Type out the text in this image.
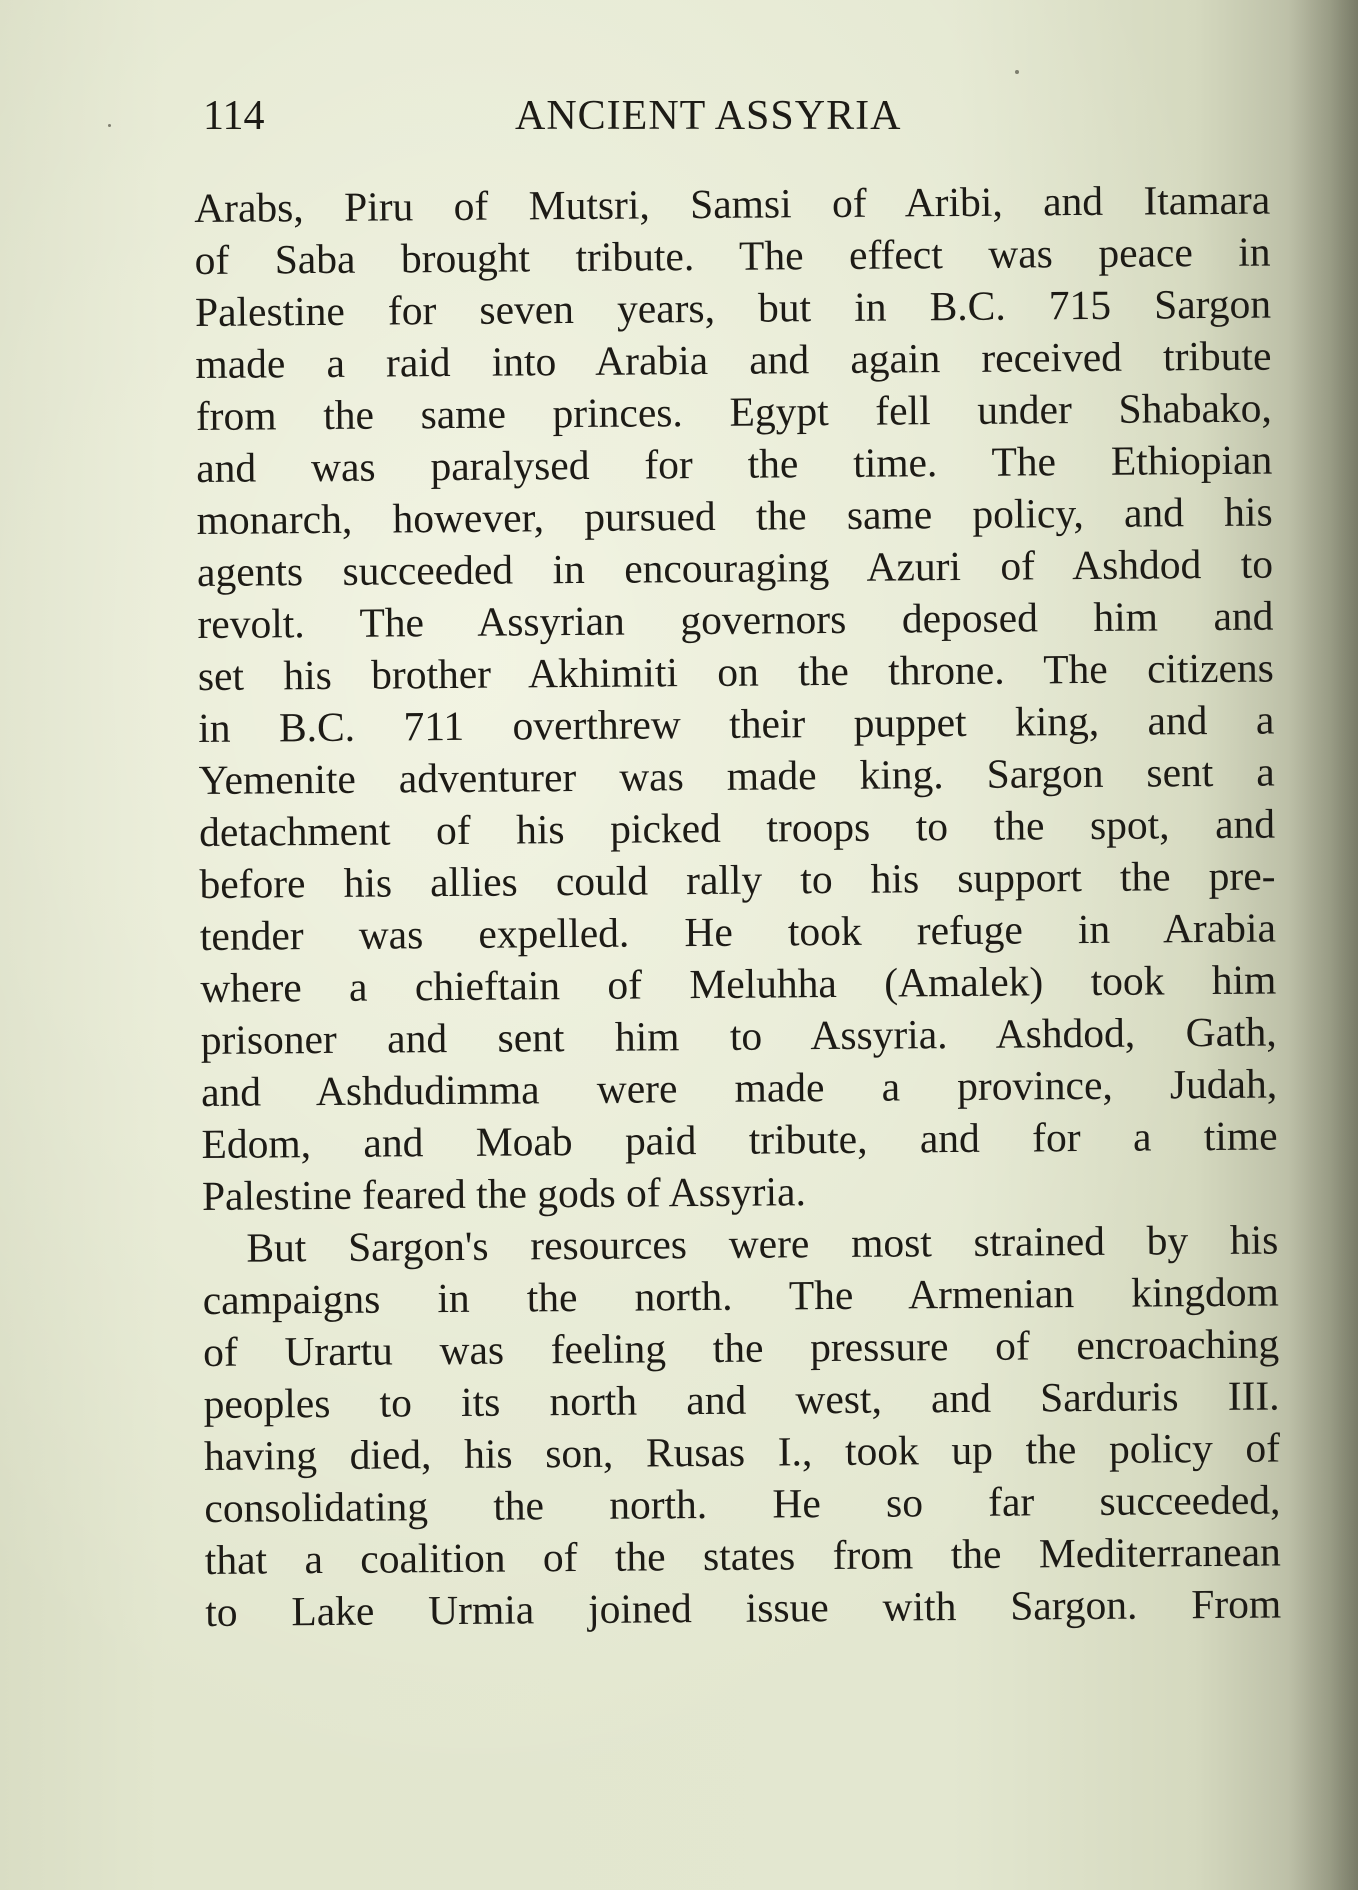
114	ANCIENT ASSYRIA
Arabs, Piru of Mutsri, Samsi of Aribi, and Itamara
of Saba brought tribute. The effect was peace in
Palestine for seven years, but in B.C. 715 Sargon
made a raid into Arabia and again received tribute
from the same princes. Egypt fell under Shabako,
and was paralysed for the time. The Ethiopian
monarch, however, pursued the same policy, and his
agents succeeded in encouraging Azuri of Ashdod to
revolt. The Assyrian governors deposed him and
set his brother Akhimiti on the throne. The citizens
in B.C. 711 overthrew their puppet king, and a
Yemenite adventurer was made king. Sargon sent a
detachment of his picked troops to the spot, and
before his allies could rally to his support the pre-
tender was expelled. He took refuge in Arabia
where a chieftain of Meluhha (Amalek) took him
prisoner and sent him to Assyria. Ashdod, Gath,
and Ashdudimma were made a province, Judah,
Edom, and Moab paid tribute, and for a time
Palestine feared the gods of Assyria.
But Sargon's resources were most strained by his
campaigns in the north. The Armenian kingdom
of Urartu was feeling the pressure of encroaching
peoples to its north and west, and Sarduris III.
having died, his son, Rusas I., took up the policy of
consolidating the north. He so far succeeded,
that a coalition of the states from the Mediterranean
to Lake Urmia joined issue with Sargon. From
